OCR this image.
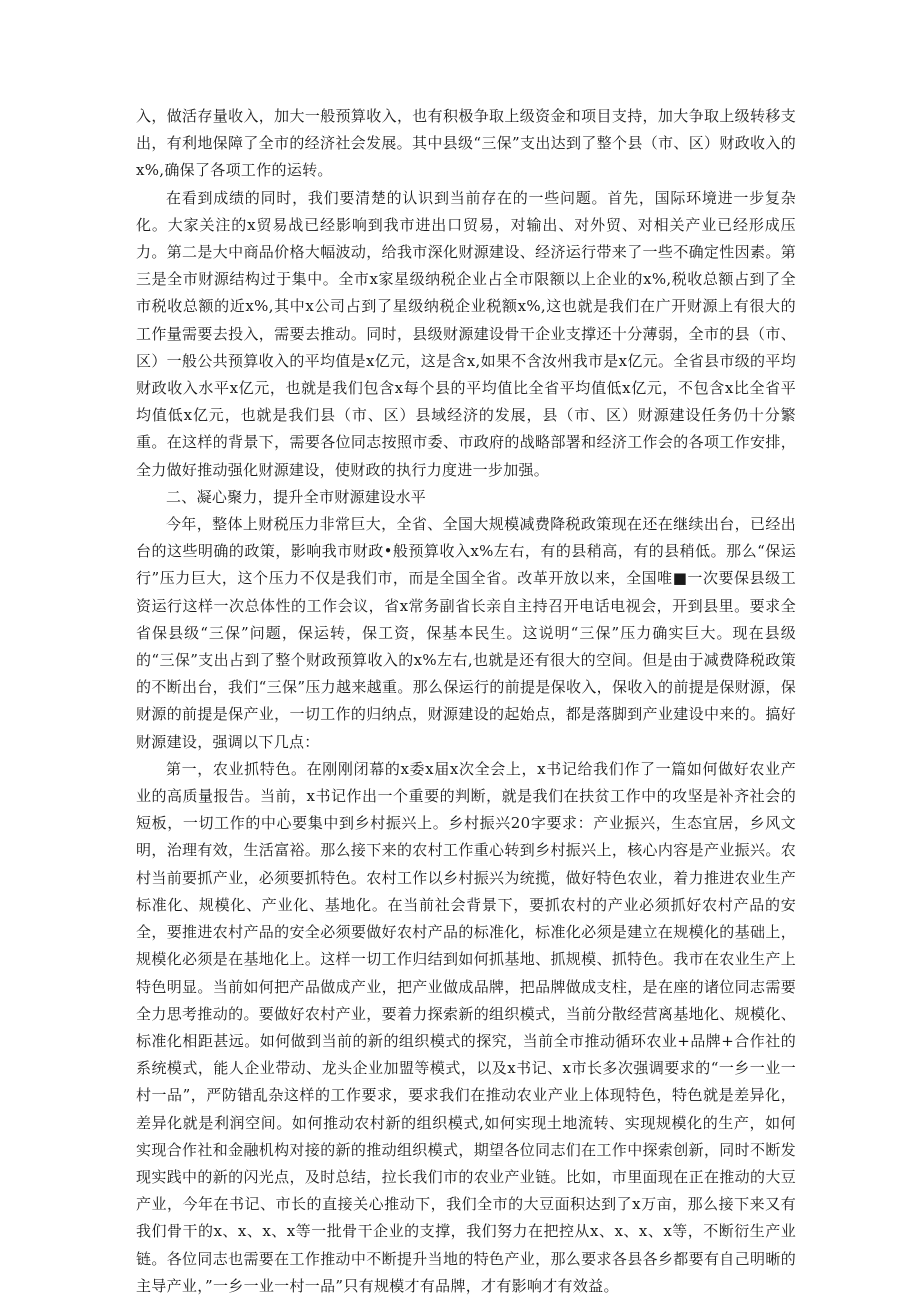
入，做活存量收入，加大一般预算收入，也有积极争取上级资金和项目支持，加大争取上级转移支出，有利地保障了全市的经济社会发展。其中县级“三保”支出达到了整个县（市、区）财政收入的x%,确保了各项工作的运转。

在看到成绩的同时，我们要清楚的认识到当前存在的一些问题。首先，国际环境进一步复杂化。大家关注的x贸易战已经影响到我市进出口贸易，对输出、对外贸、对相关产业已经形成压力。第二是大中商品价格大幅波动，给我市深化财源建设、经济运行带来了一些不确定性因素。第三是全市财源结构过于集中。全市x家星级纳税企业占全市限额以上企业的x%,税收总额占到了全市税收总额的近x%,其中x公司占到了星级纳税企业税额x%,这也就是我们在广开财源上有很大的工作量需要去投入，需要去推动。同时，县级财源建设骨干企业支撑还十分薄弱，全市的县（市、区）一般公共预算收入的平均值是x亿元，这是含x,如果不含汝州我市是x亿元。全省县市级的平均财政收入水平x亿元，也就是我们包含x每个县的平均值比全省平均值低x亿元，不包含x比全省平均值低x亿元，也就是我们县（市、区）县域经济的发展，县（市、区）财源建设任务仍十分繁重。在这样的背景下，需要各位同志按照市委、市政府的战略部署和经济工作会的各项工作安排，全力做好推动强化财源建设，使财政的执行力度进一步加强。

二、凝心聚力，提升全市财源建设水平

今年，整体上财税压力非常巨大，全省、全国大规模减费降税政策现在还在继续出台，已经出台的这些明确的政策，影响我市财政•般预算收入x%左右，有的县稍高，有的县稍低。那么“保运行”压力巨大，这个压力不仅是我们市，而是全国全省。改革开放以来，全国唯■一次要保县级工资运行这样一次总体性的工作会议，省x常务副省长亲自主持召开电话电视会，开到县里。要求全省保县级“三保”问题，保运转，保工资，保基本民生。这说明“三保”压力确实巨大。现在县级的“三保”支出占到了整个财政预算收入的x%左右,也就是还有很大的空间。但是由于减费降税政策的不断出台，我们“三保”压力越来越重。那么保运行的前提是保收入，保收入的前提是保财源，保财源的前提是保产业，一切工作的归纳点，财源建设的起始点，都是落脚到产业建设中来的。搞好财源建设，强调以下几点：

第一，农业抓特色。在刚刚闭幕的x委x届x次全会上，x书记给我们作了一篇如何做好农业产业的高质量报告。当前，x书记作出一个重要的判断，就是我们在扶贫工作中的攻坚是补齐社会的短板，一切工作的中心要集中到乡村振兴上。乡村振兴20字要求：产业振兴，生态宜居，乡风文明，治理有效，生活富裕。那么接下来的农村工作重心转到乡村振兴上，核心内容是产业振兴。农村当前要抓产业，必须要抓特色。农村工作以乡村振兴为统揽，做好特色农业，着力推进农业生产标准化、规模化、产业化、基地化。在当前社会背景下，要抓农村的产业必须抓好农村产品的安全，要推进农村产品的安全必须要做好农村产品的标准化，标准化必须是建立在规模化的基础上，规模化必须是在基地化上。这样一切工作归结到如何抓基地、抓规模、抓特色。我市在农业生产上特色明显。当前如何把产品做成产业，把产业做成品牌，把品牌做成支柱，是在座的诸位同志需要全力思考推动的。要做好农村产业，要着力探索新的组织模式，当前分散经营离基地化、规模化、标准化相距甚远。如何做到当前的新的组织模式的探究，当前全市推动循环农业+品牌+合作社的系统模式，能人企业带动、龙头企业加盟等模式，以及x书记、x市长多次强调要求的“一乡一业一村一品”，严防错乱杂这样的工作要求，要求我们在推动农业产业上体现特色，特色就是差异化，差异化就是利润空间。如何推动农村新的组织模式,如何实现土地流转、实现规模化的生产，如何实现合作社和金融机构对接的新的推动组织模式，期望各位同志们在工作中探索创新，同时不断发现实践中的新的闪光点，及时总结，拉长我们市的农业产业链。比如，市里面现在正在推动的大豆产业，今年在书记、市长的直接关心推动下，我们全市的大豆面积达到了x万亩，那么接下来又有我们骨干的x、x、x、x等一批骨干企业的支撑，我们努力在把控从x、x、x、x等，不断衍生产业链。各位同志也需要在工作推动中不断提升当地的特色产业，那么要求各县各乡都要有自己明晰的主导产业，”一乡一业一村一品”只有规模才有品牌，才有影响才有效益。
